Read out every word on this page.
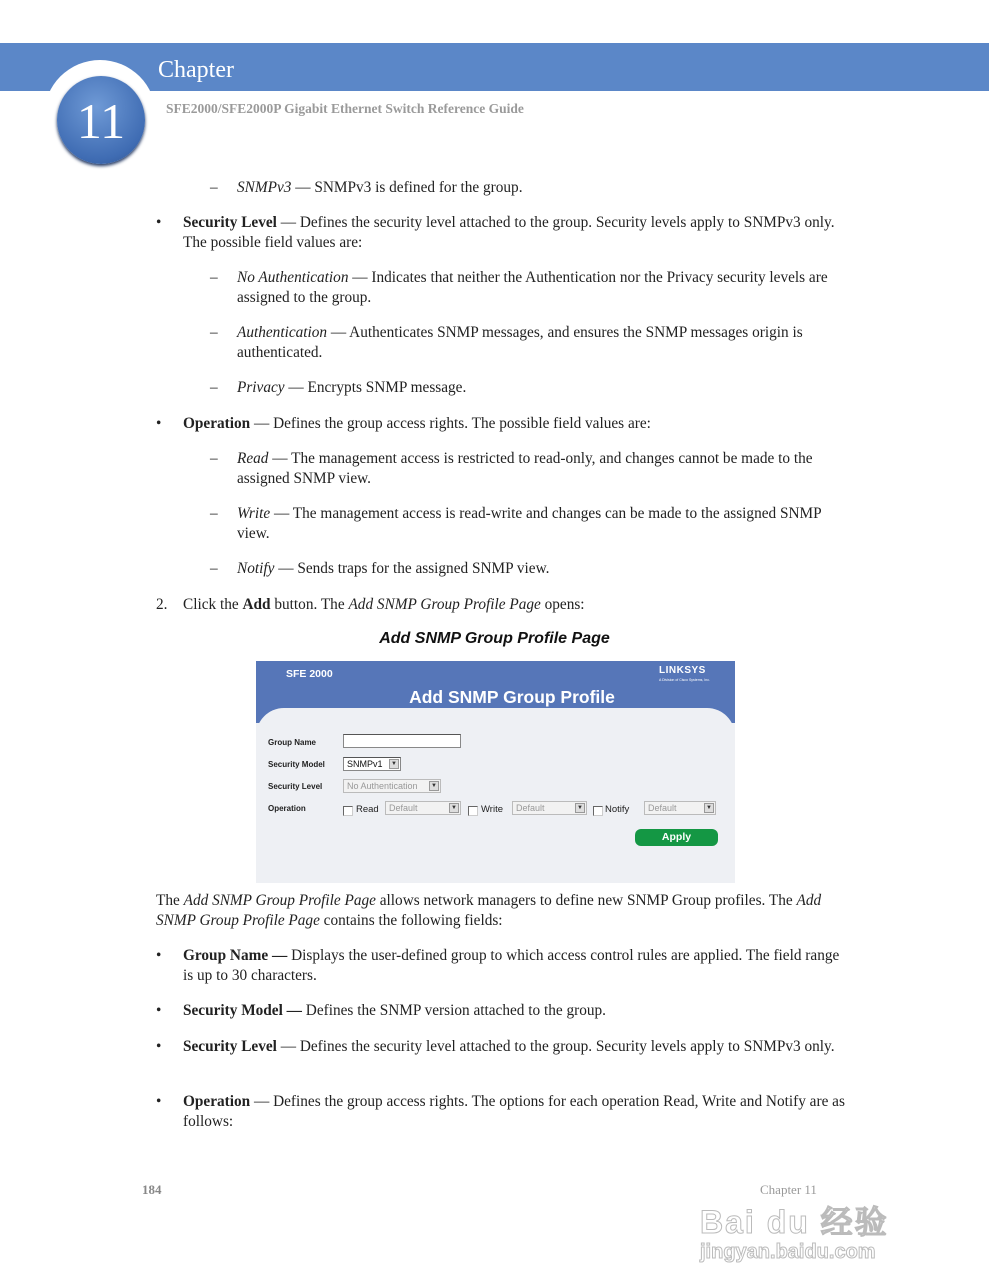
Chapter
11	SFE2000/SFE2000P Gigabit Ethernet Switch Reference Guide
– SNMPv3 — SNMPv3 is defined for the group.
• Security Level — Defines the security level attached to the group. Security levels apply to SNMPv3 only. The possible field values are:
– No Authentication — Indicates that neither the Authentication nor the Privacy security levels are assigned to the group.
– Authentication — Authenticates SNMP messages, and ensures the SNMP messages origin is authenticated.
– Privacy — Encrypts SNMP message.
• Operation — Defines the group access rights. The possible field values are:
– Read — The management access is restricted to read-only, and changes cannot be made to the assigned SNMP view.
– Write — The management access is read-write and changes can be made to the assigned SNMP view.
– Notify — Sends traps for the assigned SNMP view.
2. Click the Add button. The Add SNMP Group Profile Page opens:
Add SNMP Group Profile Page
SFE 2000	LINKSYS
A Division of Cisco Systems, Inc.
Add SNMP Group Profile
Group Name
Security Model	SNMPv1	▼
Security Level	No Authentication	▼
Operation	Read	Default	▼	Write	Default	▼ Notify	Default	▼
Apply
The Add SNMP Group Profile Page allows network managers to define new SNMP Group profiles. The Add SNMP Group Profile Page contains the following fields:
• Group Name — Displays the user-defined group to which access control rules are applied. The field range is up to 30 characters.
• Security Model — Defines the SNMP version attached to the group.
• Security Level — Defines the security level attached to the group. Security levels apply to SNMPv3 only.
• Operation — Defines the group access rights. The options for each operation Read, Write and Notify are as follows:
184	Chapter 11
Bai du 经验
jingyan.baidu.com
